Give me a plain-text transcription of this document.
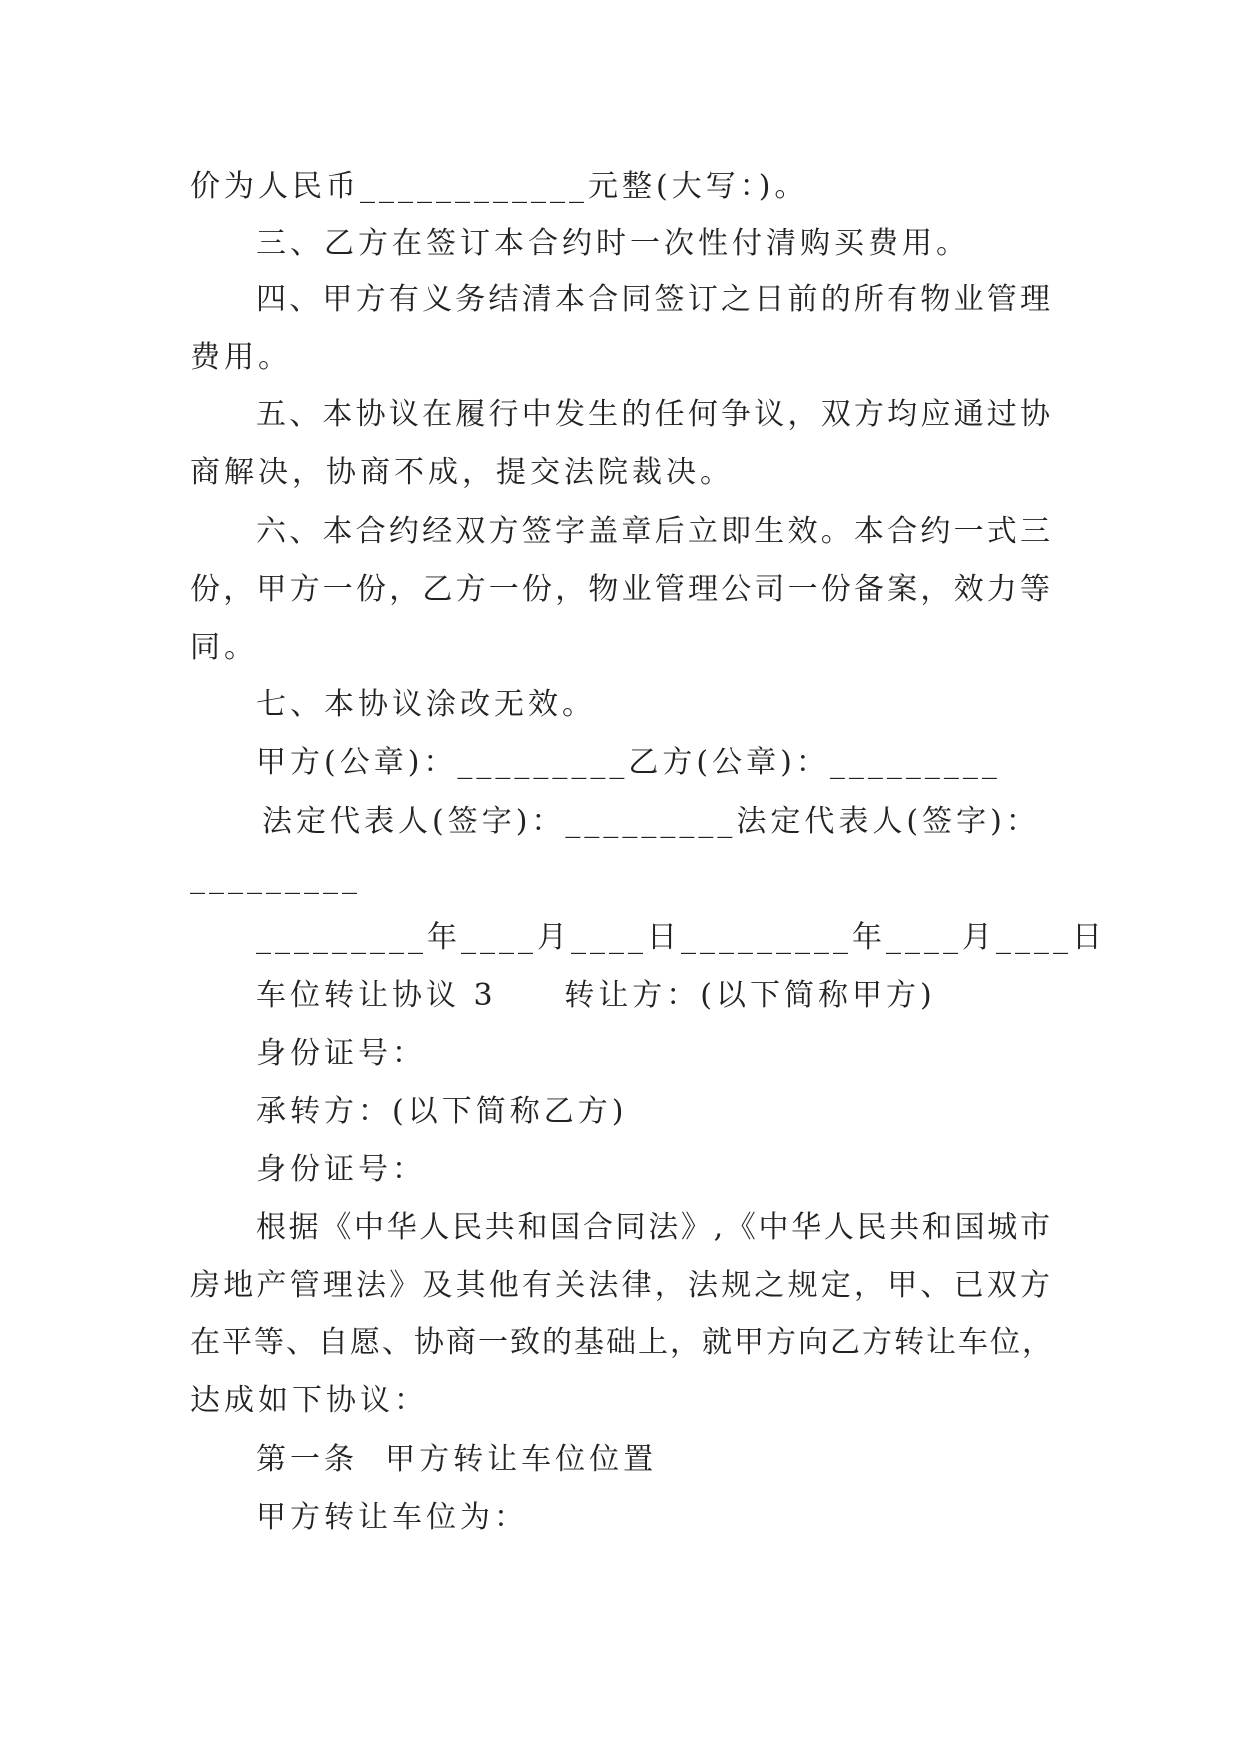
价为人民币____________元整(大写：)。
三、乙方在签订本合约时一次性付清购买费用。
四、甲方有义务结清本合同签订之日前的所有物业管理
费用。
五、本协议在履行中发生的任何争议，双方均应通过协
商解决，协商不成，提交法院裁决。
六、本合约经双方签字盖章后立即生效。本合约一式三
份，甲方一份，乙方一份，物业管理公司一份备案，效力等
同。
七、本协议涂改无效。
甲方(公章)：_________乙方(公章)：_________
法定代表人(签字)：_________法定代表人(签字)：
_________
_________年____月____日_________年____月____日
车位转让协议 3     转让方：(以下简称甲方)
身份证号：
承转方：(以下简称乙方)
身份证号：
根据《中华人民共和国合同法》,《中华人民共和国城市
房地产管理法》及其他有关法律，法规之规定，甲、已双方
在平等、自愿、协商一致的基础上，就甲方向乙方转让车位，
达成如下协议：
第一条  甲方转让车位位置
甲方转让车位为：
